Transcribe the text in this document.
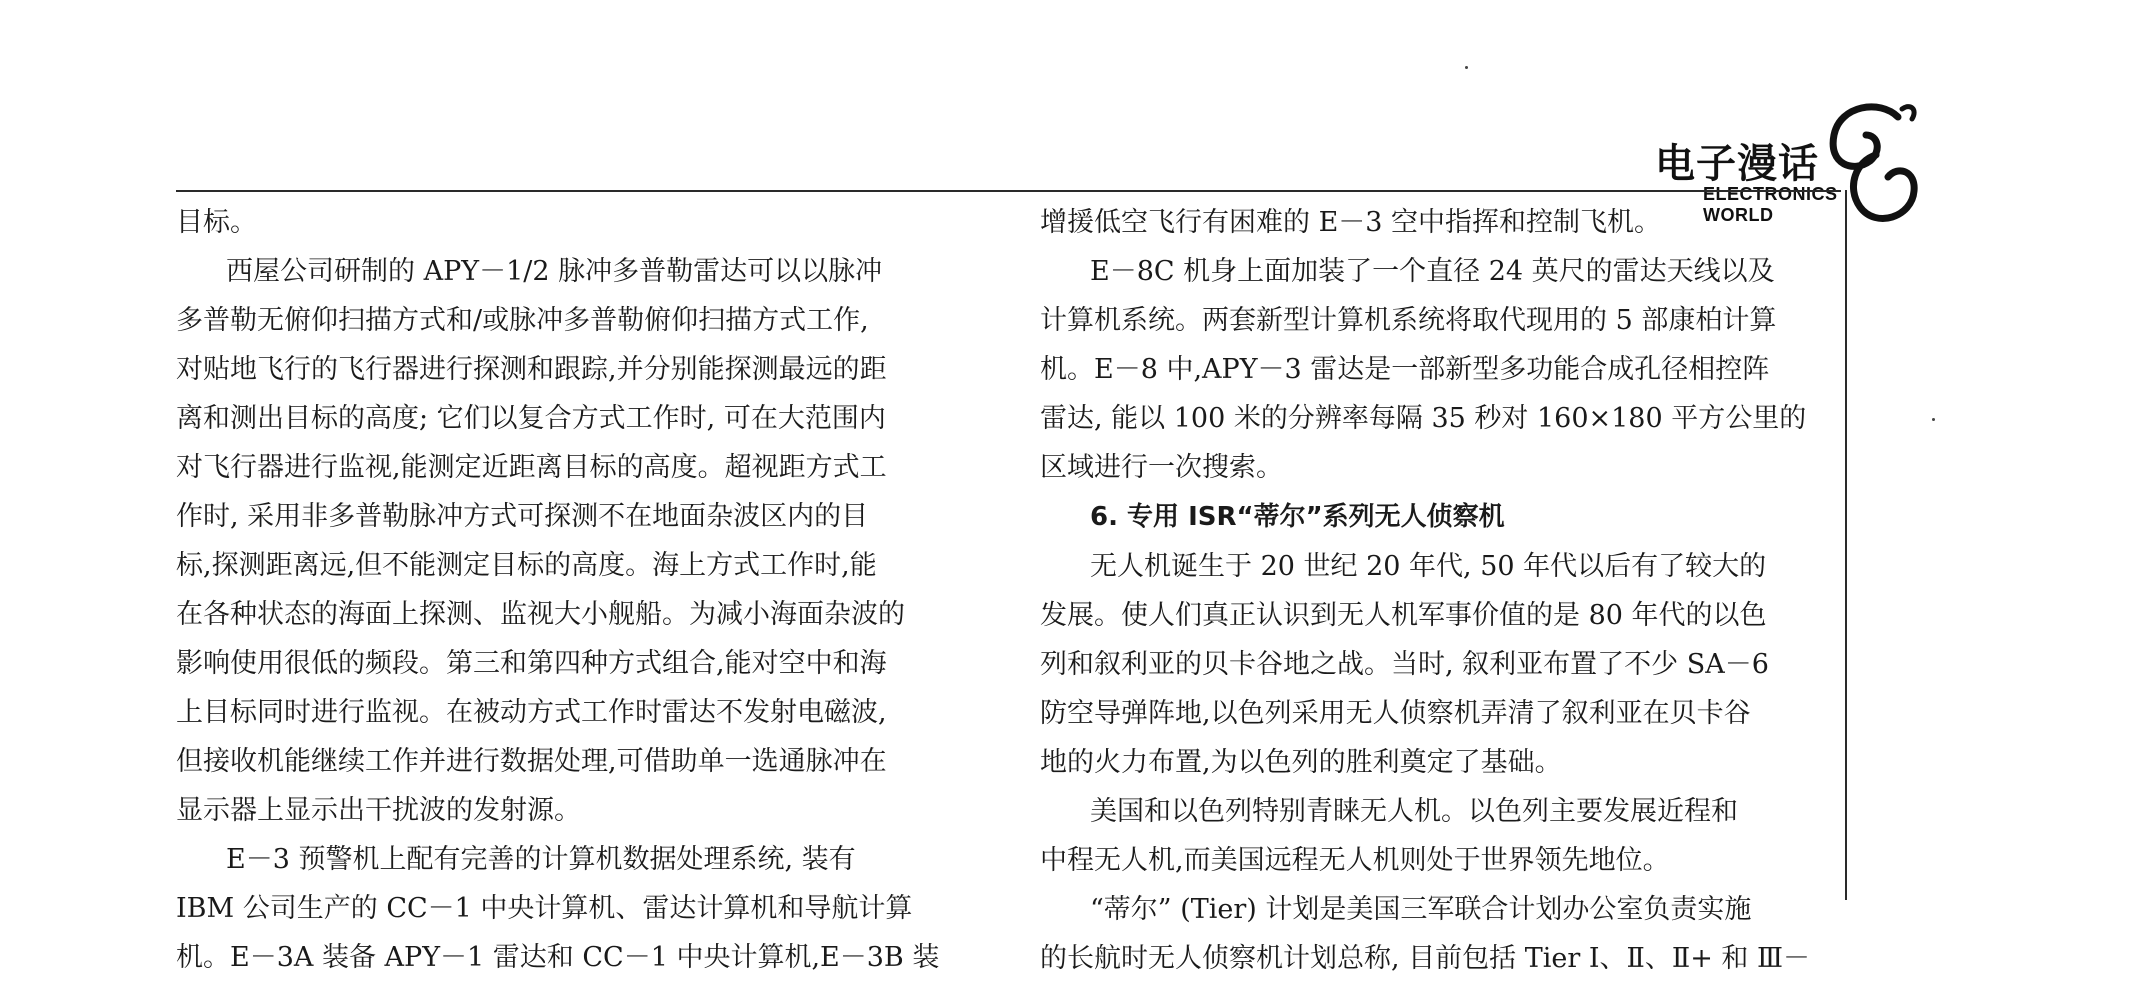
电子漫话
ELECTRONICS WORLD

目标。

西屋公司研制的 APY－1/2 脉冲多普勒雷达可以以脉冲

多普勒无俯仰扫描方式和/或脉冲多普勒俯仰扫描方式工作,

对贴地飞行的飞行器进行探测和跟踪,并分别能探测最远的距

离和测出目标的高度; 它们以复合方式工作时, 可在大范围内

对飞行器进行监视,能测定近距离目标的高度。超视距方式工

作时, 采用非多普勒脉冲方式可探测不在地面杂波区内的目

标,探测距离远,但不能测定目标的高度。海上方式工作时,能

在各种状态的海面上探测、监视大小舰船。为减小海面杂波的

影响使用很低的频段。第三和第四种方式组合,能对空中和海

上目标同时进行监视。在被动方式工作时雷达不发射电磁波,

但接收机能继续工作并进行数据处理,可借助单一选通脉冲在

显示器上显示出干扰波的发射源。

E－3 预警机上配有完善的计算机数据处理系统, 装有

IBM 公司生产的 CC－1 中央计算机、雷达计算机和导航计算

机。E－3A 装备 APY－1 雷达和 CC－1 中央计算机,E－3B 装

增援低空飞行有困难的 E－3 空中指挥和控制飞机。

E－8C 机身上面加装了一个直径 24 英尺的雷达天线以及

计算机系统。两套新型计算机系统将取代现用的 5 部康柏计算

机。E－8 中,APY－3 雷达是一部新型多功能合成孔径相控阵

雷达, 能以 100 米的分辨率每隔 35 秒对 160×180 平方公里的

区域进行一次搜索。

6. 专用 ISR“蒂尔”系列无人侦察机

无人机诞生于 20 世纪 20 年代, 50 年代以后有了较大的

发展。使人们真正认识到无人机军事价值的是 80 年代的以色

列和叙利亚的贝卡谷地之战。当时, 叙利亚布置了不少 SA－6

防空导弹阵地,以色列采用无人侦察机弄清了叙利亚在贝卡谷

地的火力布置,为以色列的胜利奠定了基础。

美国和以色列特别青睐无人机。以色列主要发展近程和

中程无人机,而美国远程无人机则处于世界领先地位。

“蒂尔” (Tier) 计划是美国三军联合计划办公室负责实施

的长航时无人侦察机计划总称, 目前包括 Tier Ⅰ、Ⅱ、Ⅱ+ 和 Ⅲ－
